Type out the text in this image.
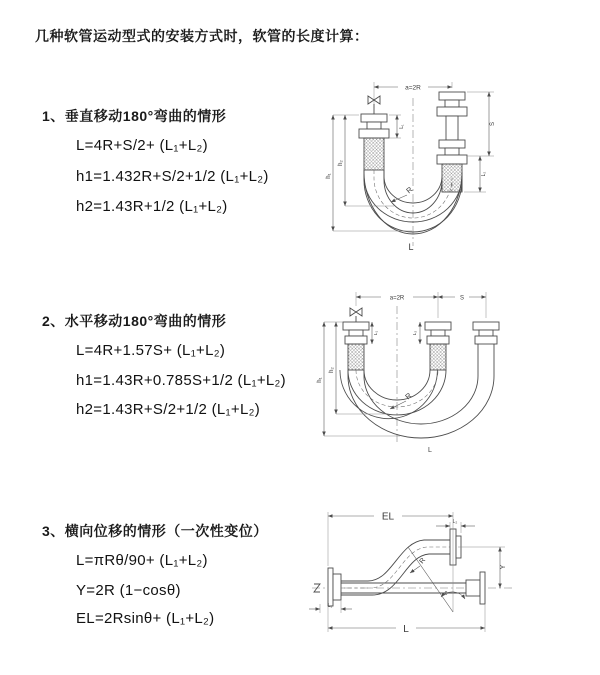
几种软管运动型式的安装方式时，软管的长度计算：
1、垂直移动180°弯曲的情形
L=4R+S/2+ (L₁+L₂)
h1=1.432R+S/2+1/2 (L₁+L₂)
h2=1.43R+1/2 (L₁+L₂)
2、水平移动180°弯曲的情形
L=4R+1.57S+ (L₁+L₂)
h1=1.43R+0.785S+1/2 (L₁+L₂)
h2=1.43R+S/2+1/2 (L₁+L₂)
3、横向位移的情形（一次性变位）
L=πRθ/90+ (L₁+L₂)
Y=2R (1−cosθ)
EL=2Rsinθ+ (L₁+L₂)
a=2R
L₁
S
L₂
h₁
h₂
R
L
a=2R	S
L₁	L₂
h₁
h₂
R
L
θ
EL	L₂
Y
R
L₁
L
